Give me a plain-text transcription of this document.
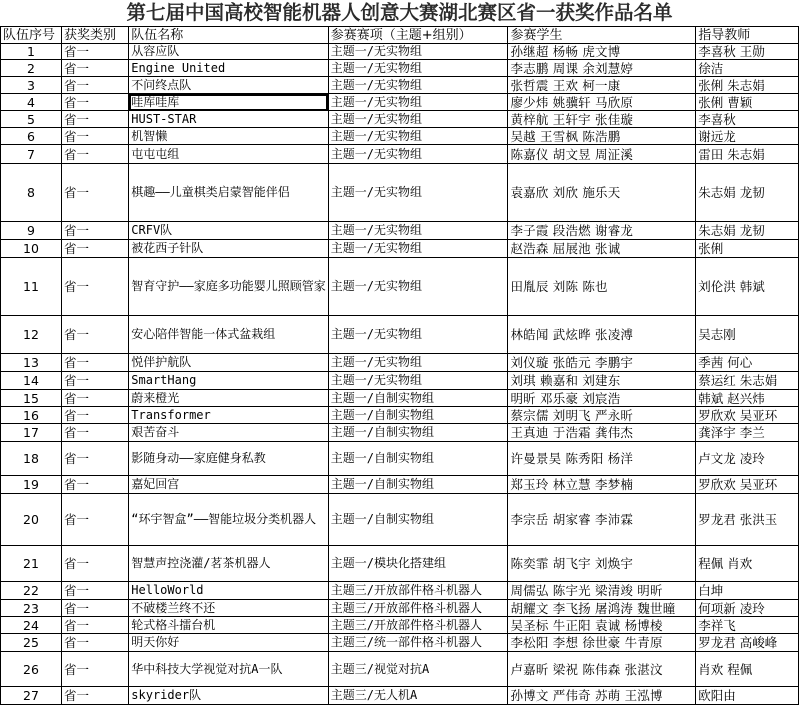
第七届中国高校智能机器人创意大赛湖北赛区省一获奖作品名单
队伍序号	获奖类别	队伍名称	参赛赛项（主题+组别）	参赛学生	指导教师
1	省一	从容应队	主题一/无实物组	孙继超 杨畅 虎文博	李喜秋 王勋
2	省一	Engine United	主题一/无实物组	李志鹏 周课 余刘慧婷	徐洁
3	省一	不问终点队	主题一/无实物组	张哲震 王欢 柯一康	张俐 朱志娟
4	省一	哇库哇库	主题一/无实物组	廖少炜 姚骥轩 马欣原	张俐 曹颖
5	省一	HUST-STAR	主题一/无实物组	黄梓航 王轩宇 张佳璇	李喜秋
6	省一	机智懒	主题一/无实物组	吴越 王雪枫 陈浩鹏	谢远龙
7	省一	屯屯屯组	主题一/无实物组	陈嘉仪 胡文昱 周泟溪	雷田 朱志娟
8	省一	棋趣——儿童棋类启蒙智能伴侣	主题一/无实物组	袁嘉欣 刘欣 施乐天	朱志娟 龙韧
9	省一	CRFV队	主题一/无实物组	李子霞 段浩燃 谢睿龙	朱志娟 龙韧
10	省一	被花西子针队	主题一/无实物组	赵浩森 屈展池 张诚	张俐
11	省一	智育守护——家庭多功能婴儿照顾管家	主题一/无实物组	田胤辰 刘陈 陈也	刘伦洪 韩斌
12	省一	安心陪伴智能一体式盆栽组	主题一/无实物组	林皓闻 武炫晔 张凌溥	吴志刚
13	省一	悦伴护航队	主题一/无实物组	刘仪璇 张皓元 李鹏宇	季茜 何心
14	省一	SmartHang	主题一/无实物组	刘琪 赖嘉和 刘建东	蔡运红 朱志娟
15	省一	蔚来橙光	主题一/自制实物组	明昕 邓乐豪 刘宸浩	韩斌 赵兴炜
16	省一	Transformer	主题一/自制实物组	蔡宗儒 刘明飞 严永昕	罗欣欢 吴亚环
17	省一	艰苦奋斗	主题一/自制实物组	王真迪 于浩霜 龚伟杰	龚泽宇 李兰
18	省一	影随身动——家庭健身私教	主题一/自制实物组	许曼景昊 陈秀阳 杨洋	卢文龙 凌玲
19	省一	嘉妃回宫	主题一/自制实物组	郑玉玲 林立慧 李梦楠	罗欣欢 吴亚环
20	省一	“环宇智盒”——智能垃圾分类机器人	主题一/自制实物组	李宗岳 胡家睿 李沛霖	罗龙君 张洪玉
21	省一	智慧声控浇灌/茗茶机器人	主题一/模块化搭建组	陈奕霏 胡飞宇 刘焕宇	程佩 肖欢
22	省一	HelloWorld	主题三/开放部件格斗机器人	周儒弘 陈宇光 梁清竣 明昕	白坤
23	省一	不破楼兰终不还	主题三/开放部件格斗机器人	胡耀文 李飞扬 屠鸿涛 魏世曈	何项新 凌玲
24	省一	轮式格斗擂台机	主题三/开放部件格斗机器人	吴圣标 牛正阳 袁诚 杨博棱	李祥飞
25	省一	明天你好	主题三/统一部件格斗机器人	李松阳 李想 徐世豪 牛青原	罗龙君 高峻峰
26	省一	华中科技大学视觉对抗A一队	主题三/视觉对抗A	卢嘉昕 梁祝 陈伟森 张湛汶	肖欢 程佩
27	省一	skyrider队	主题三/无人机A	孙博文 严伟奇 苏萌 王泓博	欧阳由
